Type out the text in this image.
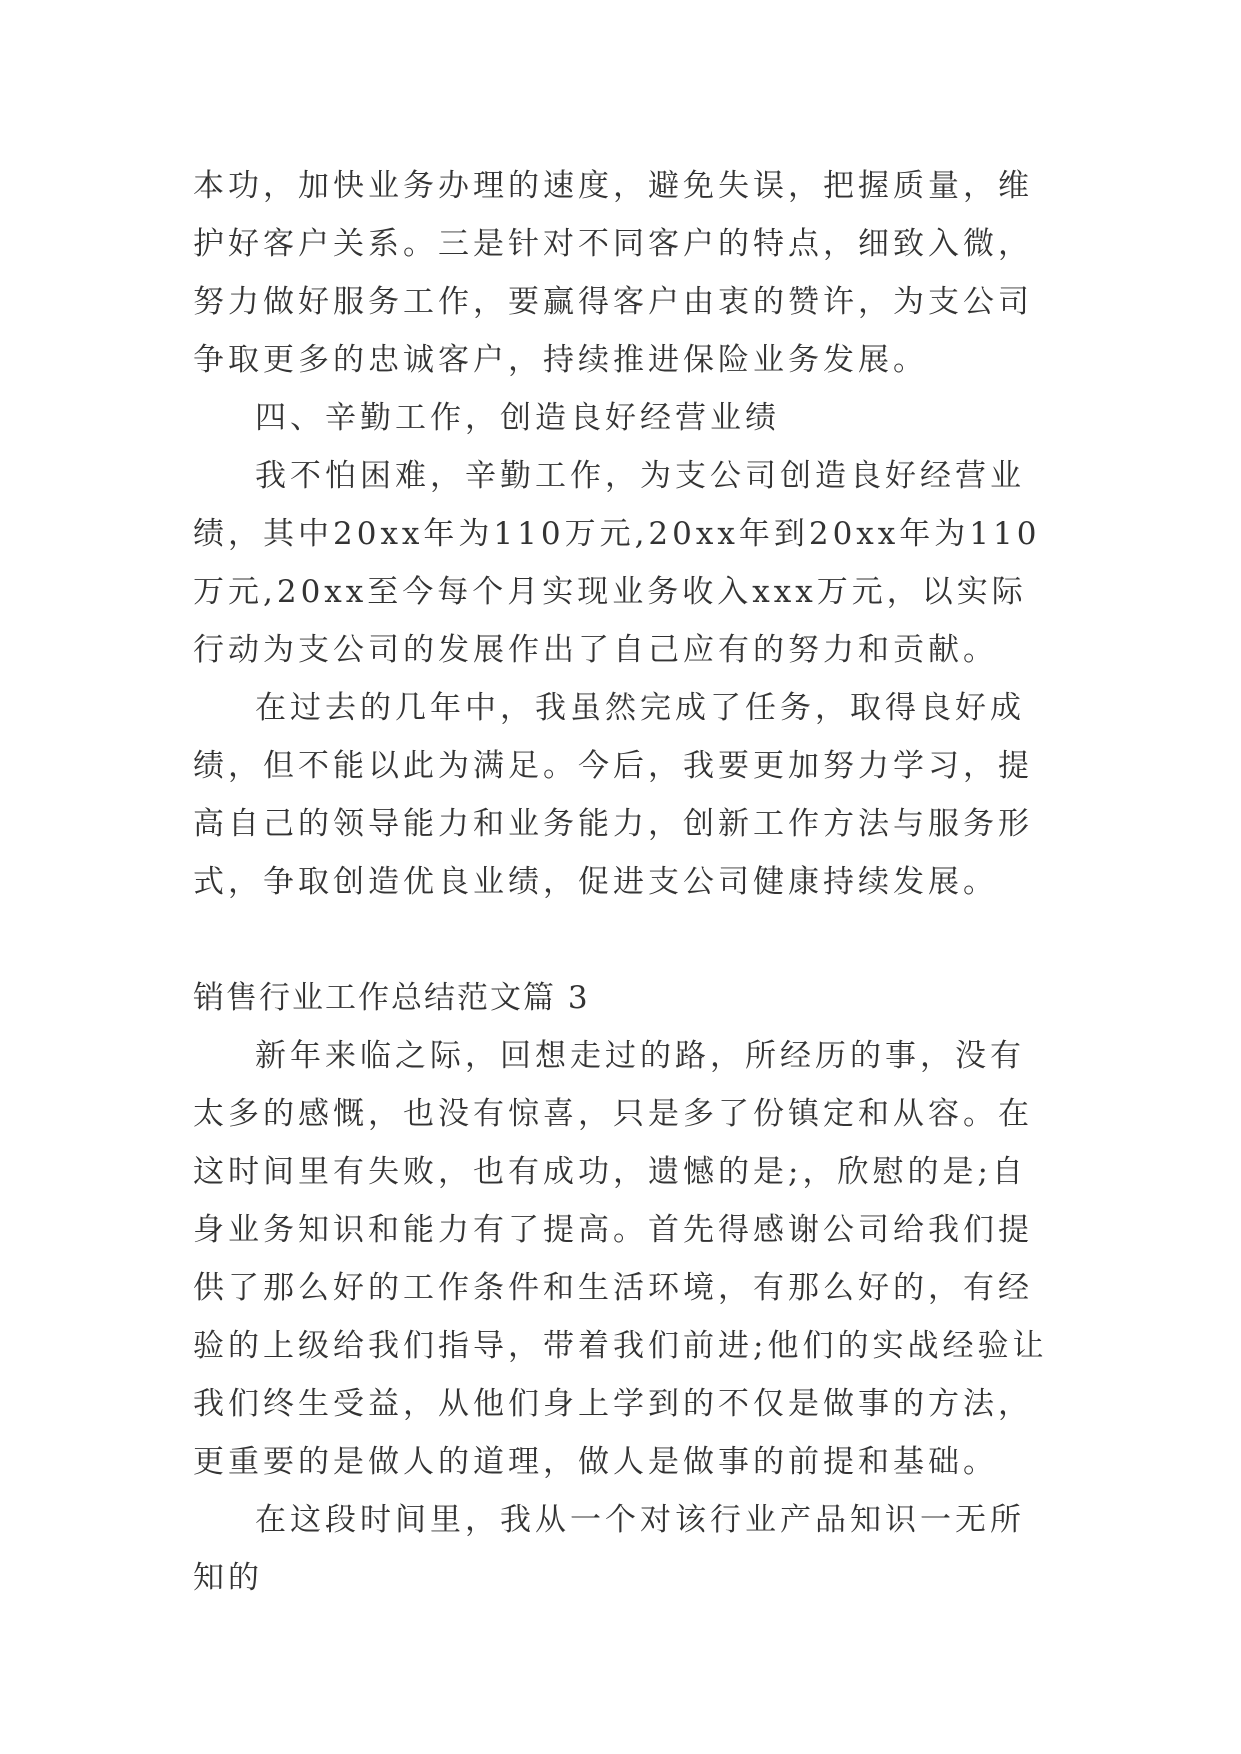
本功，加快业务办理的速度，避免失误，把握质量，维护好客户关系。三是针对不同客户的特点，细致入微，努力做好服务工作，要赢得客户由衷的赞许，为支公司争取更多的忠诚客户，持续推进保险业务发展。

四、辛勤工作，创造良好经营业绩

我不怕困难，辛勤工作，为支公司创造良好经营业绩，其中20xx年为110万元,20xx年到20xx年为110万元,20xx至今每个月实现业务收入xxx万元，以实际行动为支公司的发展作出了自己应有的努力和贡献。

在过去的几年中，我虽然完成了任务，取得良好成绩，但不能以此为满足。今后，我要更加努力学习，提高自己的领导能力和业务能力，创新工作方法与服务形式，争取创造优良业绩，促进支公司健康持续发展。

销售行业工作总结范文篇 3

新年来临之际，回想走过的路，所经历的事，没有太多的感慨，也没有惊喜，只是多了份镇定和从容。在这时间里有失败，也有成功，遗憾的是;，欣慰的是;自身业务知识和能力有了提高。首先得感谢公司给我们提供了那么好的工作条件和生活环境，有那么好的，有经验的上级给我们指导，带着我们前进;他们的实战经验让我们终生受益，从他们身上学到的不仅是做事的方法，更重要的是做人的道理，做人是做事的前提和基础。

在这段时间里，我从一个对该行业产品知识一无所知的
